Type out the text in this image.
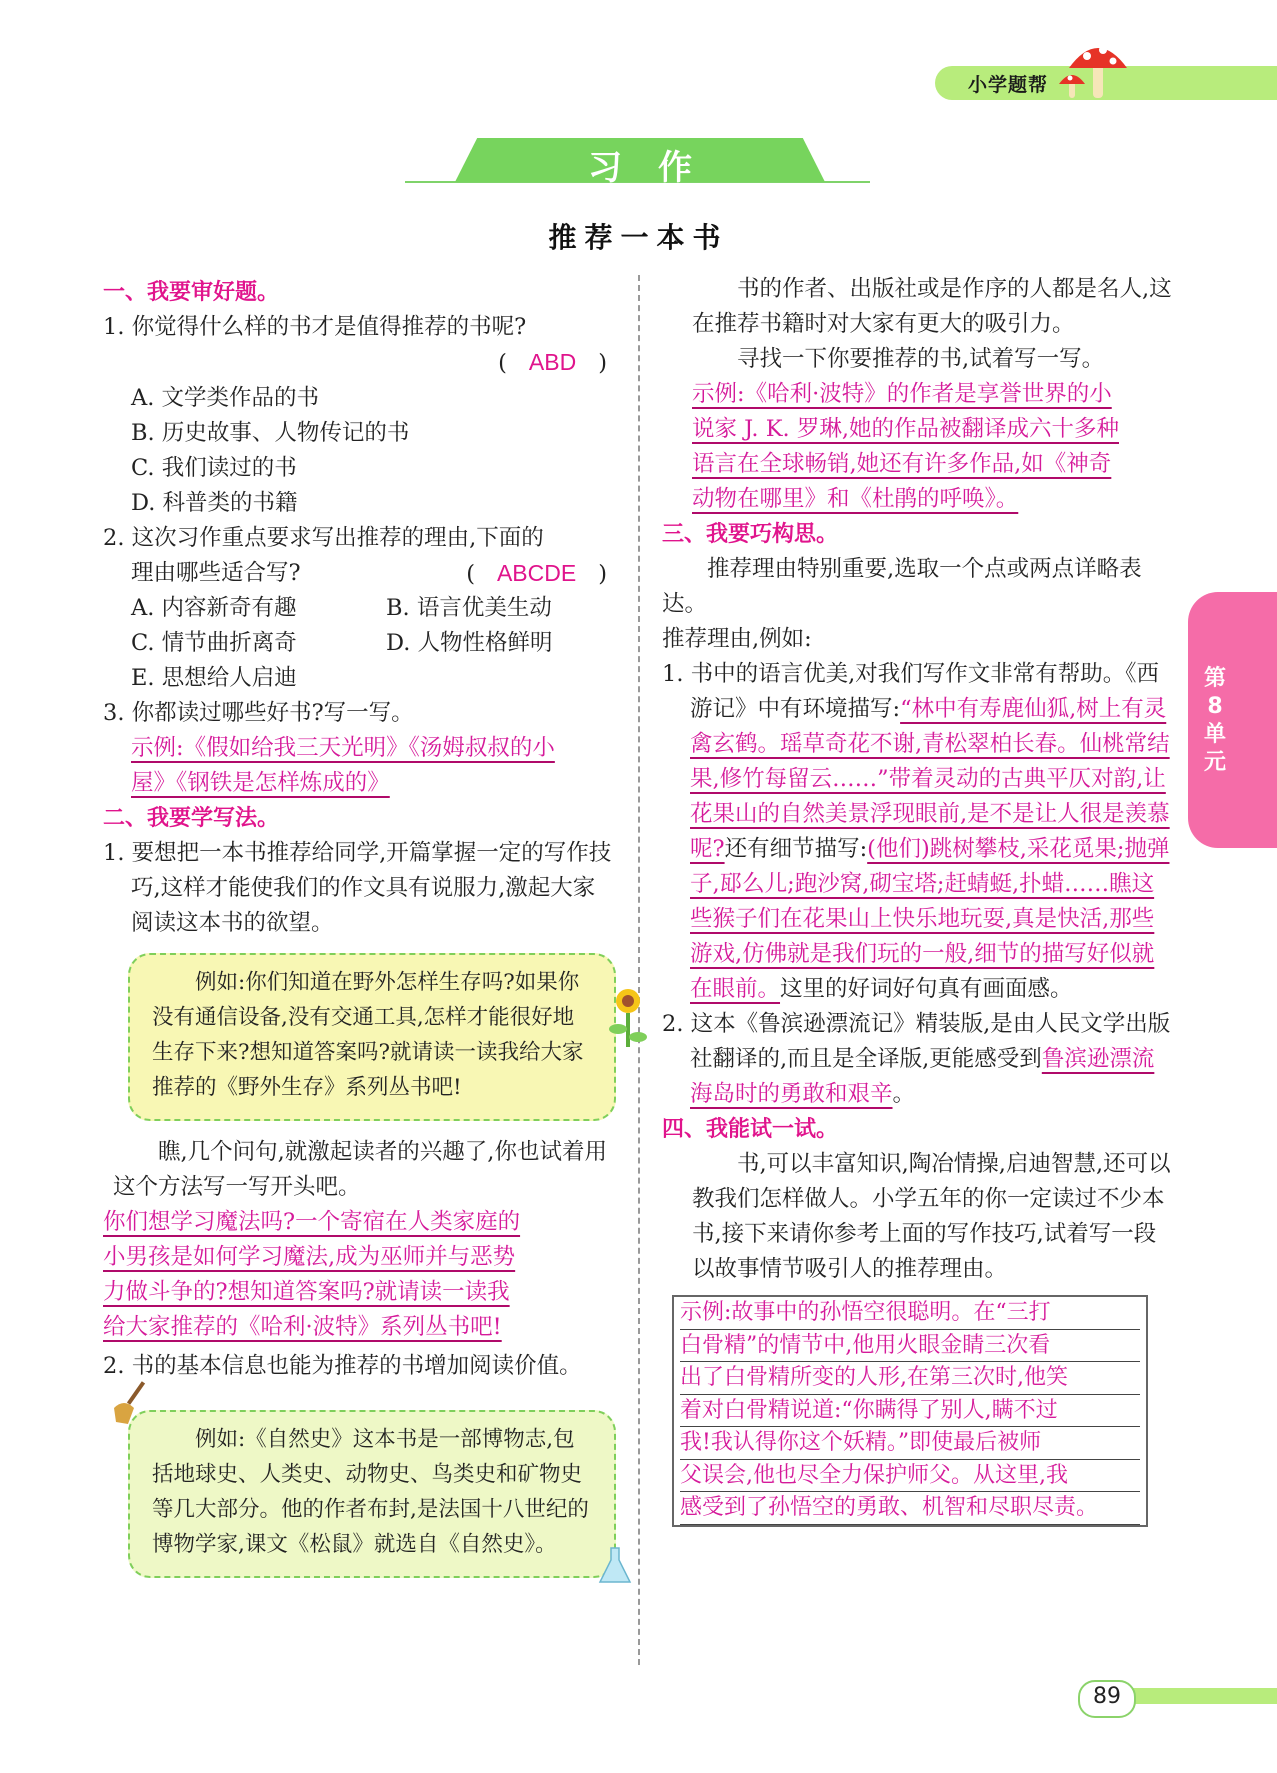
小学题帮
习作
推荐一本书
一、我要审好题。
1. 你觉得什么样的书才是值得推荐的书呢?
( ABD )
A. 文学类作品的书
B. 历史故事、人物传记的书
C. 我们读过的书
D. 科普类的书籍
2. 这次习作重点要求写出推荐的理由,下面的
理由哪些适合写?	( ABCDE )
A. 内容新奇有趣	B. 语言优美生动
C. 情节曲折离奇	D. 人物性格鲜明
E. 思想给人启迪
3. 你都读过哪些好书?写一写。
示例:《假如给我三天光明》《汤姆叔叔的小
屋》《钢铁是怎样炼成的》
二、我要学写法。
1. 要想把一本书推荐给同学,开篇掌握一定的写作技巧,这样才能使我们的作文具有说服力,激起大家阅读这本书的欲望。
例如:你们知道在野外怎样生存吗?如果你没有通信设备,没有交通工具,怎样才能很好地生存下来?想知道答案吗?就请读一读我给大家推荐的《野外生存》系列丛书吧!
瞧,几个问句,就激起读者的兴趣了,你也试着用这个方法写一写开头吧。
你们想学习魔法吗?一个寄宿在人类家庭的
小男孩是如何学习魔法,成为巫师并与恶势
力做斗争的?想知道答案吗?就请读一读我
给大家推荐的《哈利·波特》系列丛书吧!
2. 书的基本信息也能为推荐的书增加阅读价值。
例如:《自然史》这本书是一部博物志,包括地球史、人类史、动物史、鸟类史和矿物史等几大部分。他的作者布封,是法国十八世纪的博物学家,课文《松鼠》就选自《自然史》。
书的作者、出版社或是作序的人都是名人,这在推荐书籍时对大家有更大的吸引力。
寻找一下你要推荐的书,试着写一写。
示例:《哈利·波特》的作者是享誉世界的小
说家 J. K. 罗琳,她的作品被翻译成六十多种
语言在全球畅销,她还有许多作品,如《神奇
动物在哪里》和《杜鹃的呼唤》。
三、我要巧构思。
推荐理由特别重要,选取一个点或两点详略表达。
推荐理由,例如:
1. 书中的语言优美,对我们写作文非常有帮助。《西游记》中有环境描写:“林中有寿鹿仙狐,树上有灵禽玄鹤。瑶草奇花不谢,青松翠柏长春。仙桃常结果,修竹每留云……”带着灵动的古典平仄对韵,让花果山的自然美景浮现眼前,是不是让人很是羡慕呢?还有细节描写:(他们)跳树攀枝,采花觅果;抛弹子,邷么儿;跑沙窝,砌宝塔;赶蜻蜓,扑蜡……瞧这些猴子们在花果山上快乐地玩耍,真是快活,那些游戏,仿佛就是我们玩的一般,细节的描写好似就在眼前。这里的好词好句真有画面感。
2. 这本《鲁滨逊漂流记》精装版,是由人民文学出版社翻译的,而且是全译版,更能感受到鲁滨逊漂流海岛时的勇敢和艰辛。
四、我能试一试。
书,可以丰富知识,陶冶情操,启迪智慧,还可以教我们怎样做人。小学五年的你一定读过不少本书,接下来请你参考上面的写作技巧,试着写一段以故事情节吸引人的推荐理由。
示例:故事中的孙悟空很聪明。在“三打
白骨精”的情节中,他用火眼金睛三次看
出了白骨精所变的人形,在第三次时,他笑
着对白骨精说道:“你瞒得了别人,瞒不过
我!我认得你这个妖精。”即使最后被师
父误会,他也尽全力保护师父。从这里,我
感受到了孙悟空的勇敢、机智和尽职尽责。
第
8
单
元
89
